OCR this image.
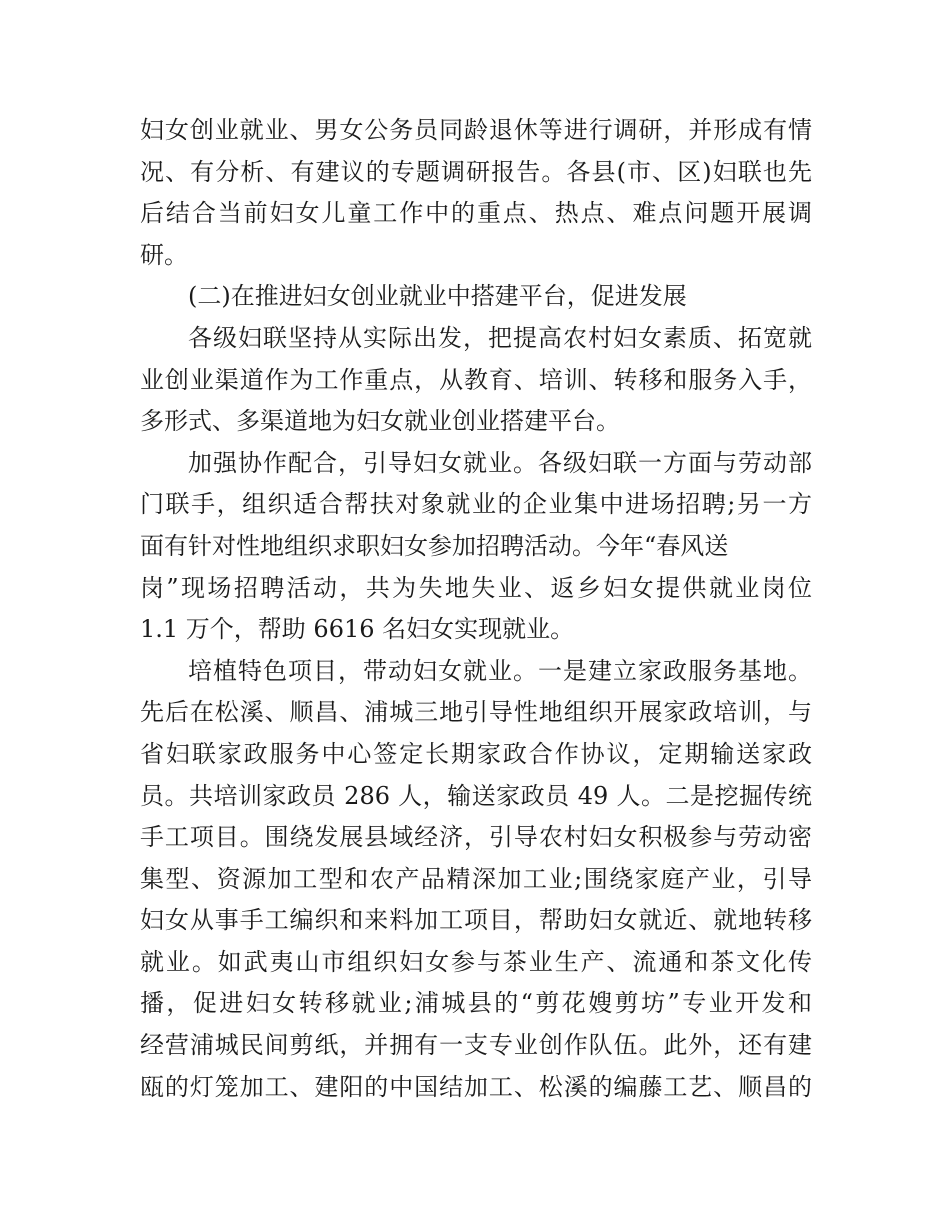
妇女创业就业、男女公务员同龄退休等进行调研，并形成有情
况、有分析、有建议的专题调研报告。各县(市、区)妇联也先
后结合当前妇女儿童工作中的重点、热点、难点问题开展调
研。
(二)在推进妇女创业就业中搭建平台，促进发展
各级妇联坚持从实际出发，把提高农村妇女素质、拓宽就
业创业渠道作为工作重点，从教育、培训、转移和服务入手，
多形式、多渠道地为妇女就业创业搭建平台。
加强协作配合，引导妇女就业。各级妇联一方面与劳动部
门联手，组织适合帮扶对象就业的企业集中进场招聘;另一方
面有针对性地组织求职妇女参加招聘活动。今年“春风送
岗”现场招聘活动，共为失地失业、返乡妇女提供就业岗位
1.1 万个，帮助 6616 名妇女实现就业。
培植特色项目，带动妇女就业。一是建立家政服务基地。
先后在松溪、顺昌、浦城三地引导性地组织开展家政培训，与
省妇联家政服务中心签定长期家政合作协议，定期输送家政
员。共培训家政员 286 人，输送家政员 49 人。二是挖掘传统
手工项目。围绕发展县域经济，引导农村妇女积极参与劳动密
集型、资源加工型和农产品精深加工业;围绕家庭产业，引导
妇女从事手工编织和来料加工项目，帮助妇女就近、就地转移
就业。如武夷山市组织妇女参与茶业生产、流通和茶文化传
播，促进妇女转移就业;浦城县的“剪花嫂剪坊”专业开发和
经营浦城民间剪纸，并拥有一支专业创作队伍。此外，还有建
瓯的灯笼加工、建阳的中国结加工、松溪的编藤工艺、顺昌的
